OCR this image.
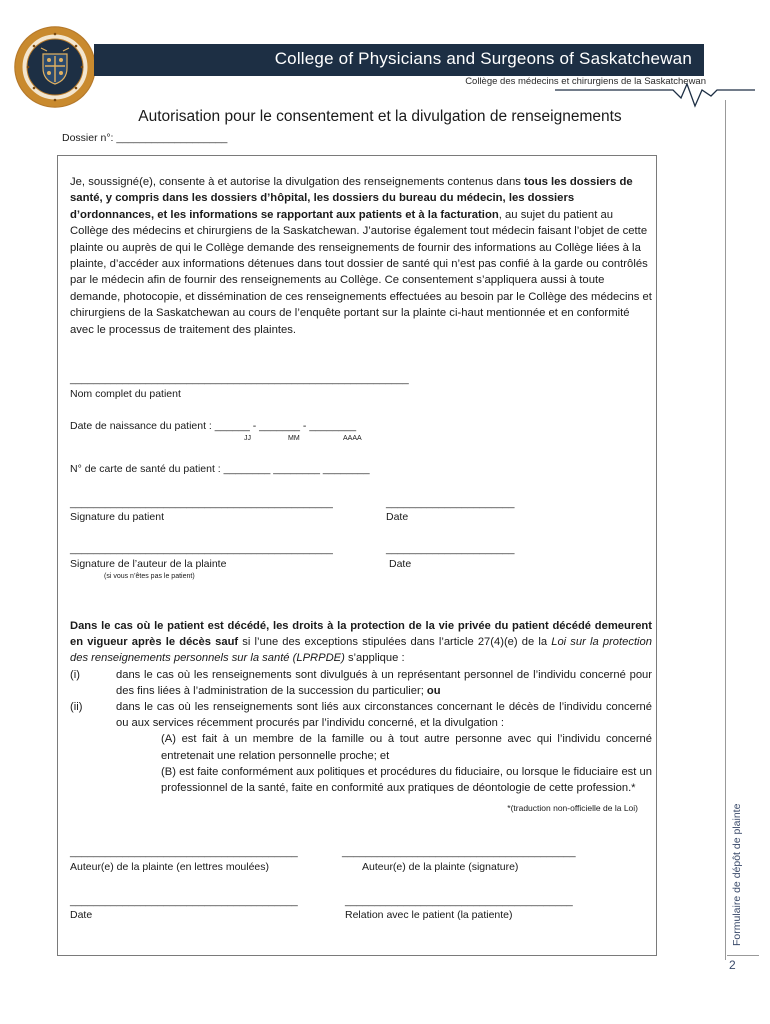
College of Physicians and Surgeons of Saskatchewan
Collège des médecins et chirurgiens de la Saskatchewan
Autorisation pour le consentement et la divulgation de renseignements
Dossier n°: ___________________
Je, soussigné(e), consente à et autorise la divulgation des renseignements contenus dans tous les dossiers de santé, y compris dans les dossiers d’hôpital, les dossiers du bureau du médecin, les dossiers d’ordonnances, et les informations se rapportant aux patients et à la facturation, au sujet du patient au Collège des médecins et chirurgiens de la Saskatchewan. J’autorise également tout médecin faisant l’objet de cette plainte ou auprès de qui le Collège demande des renseignements de fournir des informations au Collège liées à la plainte, d’accéder aux informations détenues dans tout dossier de santé qui n’est pas confié à la garde ou contrôlés par le médecin afin de fournir des renseignements au Collège. Ce consentement s’appliquera aussi à toute demande, photocopie, et dissémination de ces renseignements effectuées au besoin par le Collège des médecins et chirurgiens de la Saskatchewan au cours de l’enquête portant sur la plainte ci-haut mentionnée et en conformité avec le processus de traitement des plaintes.
__________________________________________________________
Nom complet du patient
Date de naissance du patient : ______ - _______ - ________
JJ	MM	AAAA
N° de carte de santé du patient : ________ ________ ________
_____________________________________________
Signature du patient
______________________
Date
_____________________________________________
Signature de l’auteur de la plainte
(si vous n’êtes pas le patient)
______________________
Date
Dans le cas où le patient est décédé, les droits à la protection de la vie privée du patient décédé demeurent en vigueur après le décès sauf si l’une des exceptions stipulées dans l’article 27(4)(e) de la Loi sur la protection des renseignements personnels sur la santé (LPRPDE) s’applique :
(i)	dans le cas où les renseignements sont divulgués à un représentant personnel de l’individu concerné pour des fins liées à l’administration de la succession du particulier; ou
(ii)	dans le cas où les renseignements sont liés aux circonstances concernant le décès de l’individu concerné ou aux services récemment procurés par l’individu concerné, et la divulgation :
(A) est fait à un membre de la famille ou à tout autre personne avec qui l’individu concerné entretenait une relation personnelle proche; et
(B) est faite conformément aux politiques et procédures du fiduciaire, ou lorsque le fiduciaire est un professionnel de la santé, faite en conformité aux pratiques de déontologie de cette profession.*
*(traduction non-officielle de la Loi)
_______________________________________
Auteur(e) de la plainte (en lettres moulées)
________________________________________
Auteur(e) de la plainte (signature)
_______________________________________
Date
_______________________________________
Relation avec le patient (la patiente)	Formulaire de dépôt de plainte
2
